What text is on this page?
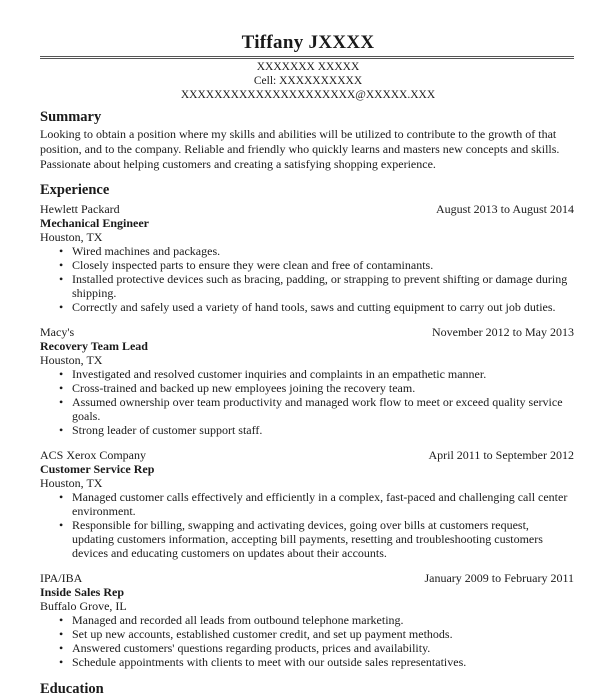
Tiffany JXXXX
XXXXXXX XXXXX
Cell: XXXXXXXXXX
XXXXXXXXXXXXXXXXXXXXX@XXXXX.XXX
Summary
Looking to obtain a position where my skills and abilities will be utilized to contribute to the growth of that position, and to the company. Reliable and friendly who quickly learns and masters new concepts and skills. Passionate about helping customers and creating a satisfying shopping experience.
Experience
Hewlett Packard	August 2013 to August 2014
Mechanical Engineer
Houston, TX
• Wired machines and packages.
• Closely inspected parts to ensure they were clean and free of contaminants.
• Installed protective devices such as bracing, padding, or strapping to prevent shifting or damage during shipping.
• Correctly and safely used a variety of hand tools, saws and cutting equipment to carry out job duties.
Macy's	November 2012 to May 2013
Recovery Team Lead
Houston, TX
• Investigated and resolved customer inquiries and complaints in an empathetic manner.
• Cross-trained and backed up new employees joining the recovery team.
• Assumed ownership over team productivity and managed work flow to meet or exceed quality service goals.
• Strong leader of customer support staff.
ACS Xerox Company	April 2011 to September 2012
Customer Service Rep
Houston, TX
• Managed customer calls effectively and efficiently in a complex, fast-paced and challenging call center environment.
• Responsible for billing, swapping and activating devices, going over bills at customers request, updating customers information, accepting bill payments, resetting and troubleshooting customers devices and educating customers on updates about their accounts.
IPA/IBA	January 2009 to February 2011
Inside Sales Rep
Buffalo Grove, IL
• Managed and recorded all leads from outbound telephone marketing.
• Set up new accounts, established customer credit, and set up payment methods.
• Answered customers' questions regarding products, prices and availability.
• Schedule appointments with clients to meet with our outside sales representatives.
Education
